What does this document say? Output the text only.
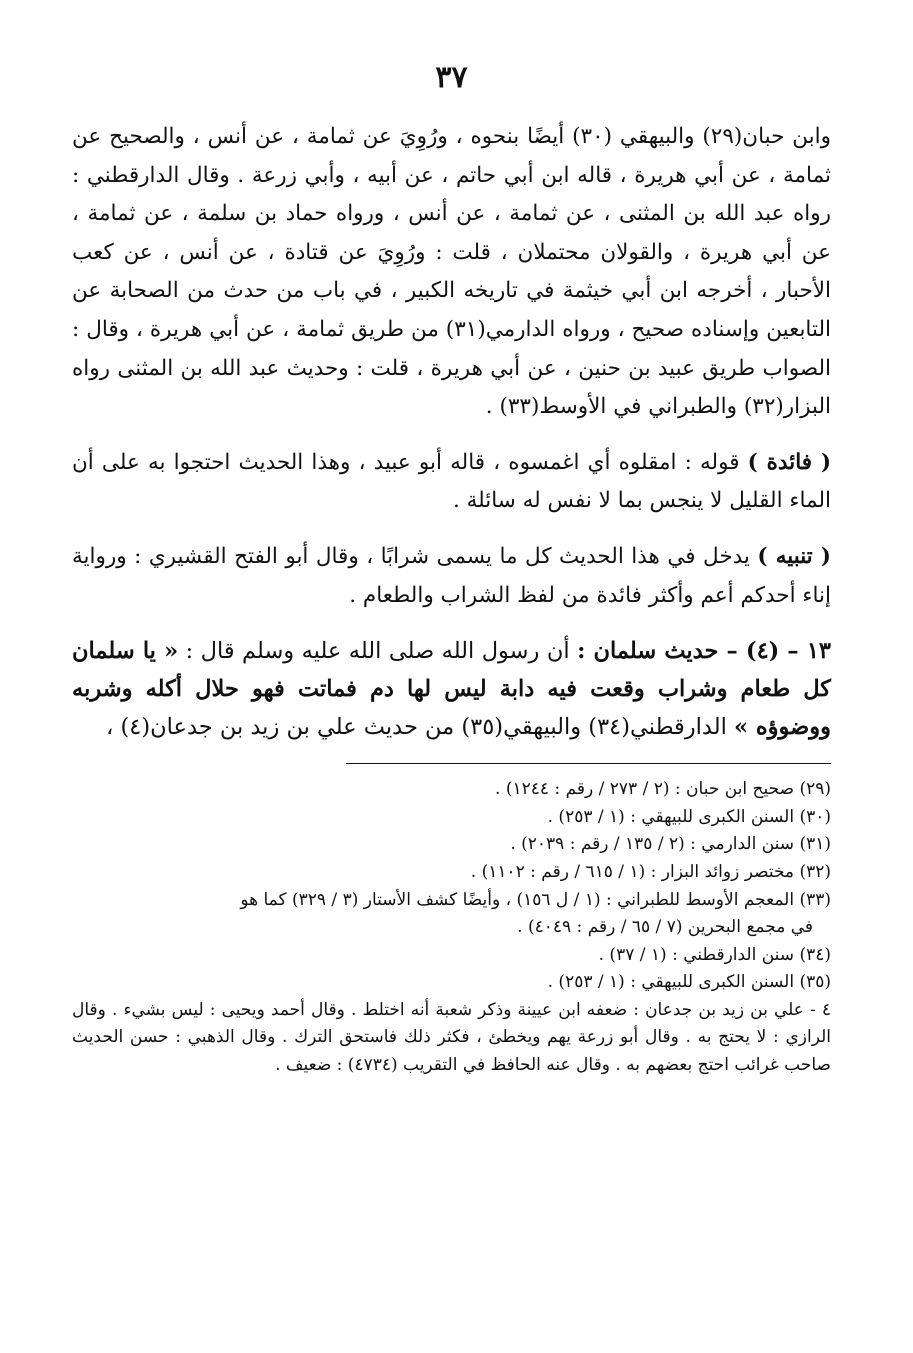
٣٧

وابن حبان(٢٩) والبيهقي (٣٠) أيضًا بنحوه ، ورُوِيَ عن ثمامة ، عن أنس ، والصحيح عن ثمامة ، عن أبي هريرة ، قاله ابن أبي حاتم ، عن أبيه ، وأبي زرعة . وقال الدارقطني : رواه عبد الله بن المثنى ، عن ثمامة ، عن أنس ، ورواه حماد بن سلمة ، عن ثمامة ، عن أبي هريرة ، والقولان محتملان ، قلت : ورُوِيَ عن قتادة ، عن أنس ، عن كعب الأحبار ، أخرجه ابن أبي خيثمة في تاريخه الكبير ، في باب من حدث من الصحابة عن التابعين وإسناده صحيح ، ورواه الدارمي(٣١) من طريق ثمامة ، عن أبي هريرة ، وقال : الصواب طريق عبيد بن حنين ، عن أبي هريرة ، قلت : وحديث عبد الله بن المثنى رواه البزار(٣٢) والطبراني في الأوسط(٣٣) .

( فائدة ) قوله : امقلوه أي اغمسوه ، قاله أبو عبيد ، وهذا الحديث احتجوا به على أن الماء القليل لا ينجس بما لا نفس له سائلة .

( تنبيه ) يدخل في هذا الحديث كل ما يسمى شرابًا ، وقال أبو الفتح القشيري : ورواية إناء أحدكم أعم وأكثر فائدة من لفظ الشراب والطعام .

١٣ – (٤) – حديث سلمان : أن رسول الله صلى الله عليه وسلم قال : « يا سلمان كل طعام وشراب وقعت فيه دابة ليس لها دم فماتت فهو حلال أكله وشربه ووضوؤه » الدارقطني(٣٤) والبيهقي(٣٥) من حديث علي بن زيد بن جدعان(٤) ،

(٢٩) صحيح ابن حبان : (٢ / ٢٧٣ / رقم : ١٢٤٤) .

(٣٠) السنن الكبرى للبيهقي : (١ / ٢٥٣) .

(٣١) سنن الدارمي : (٢ / ١٣٥ / رقم : ٢٠٣٩) .

(٣٢) مختصر زوائد البزار : (١ / ٦١٥ / رقم : ١١٠٢) .

(٣٣) المعجم الأوسط للطبراني : (١ / ل ١٥٦) ، وأيضًا كشف الأستار (٣ / ٣٢٩) كما هو

في مجمع البحرين (٧ / ٦٥ / رقم : ٤٠٤٩) .

(٣٤) سنن الدارقطني : (١ / ٣٧) .

(٣٥) السنن الكبرى للبيهقي : (١ / ٢٥٣) .

٤ - علي بن زيد بن جدعان : ضعفه ابن عيينة وذكر شعبة أنه اختلط . وقال أحمد ويحيى : ليس بشيء . وقال الرازي : لا يحتج به . وقال أبو زرعة يهم ويخطئ ، فكثر ذلك فاستحق الترك . وقال الذهبي : حسن الحديث صاحب غرائب احتج بعضهم به . وقال عنه الحافظ في التقريب (٤٧٣٤) : ضعيف .
